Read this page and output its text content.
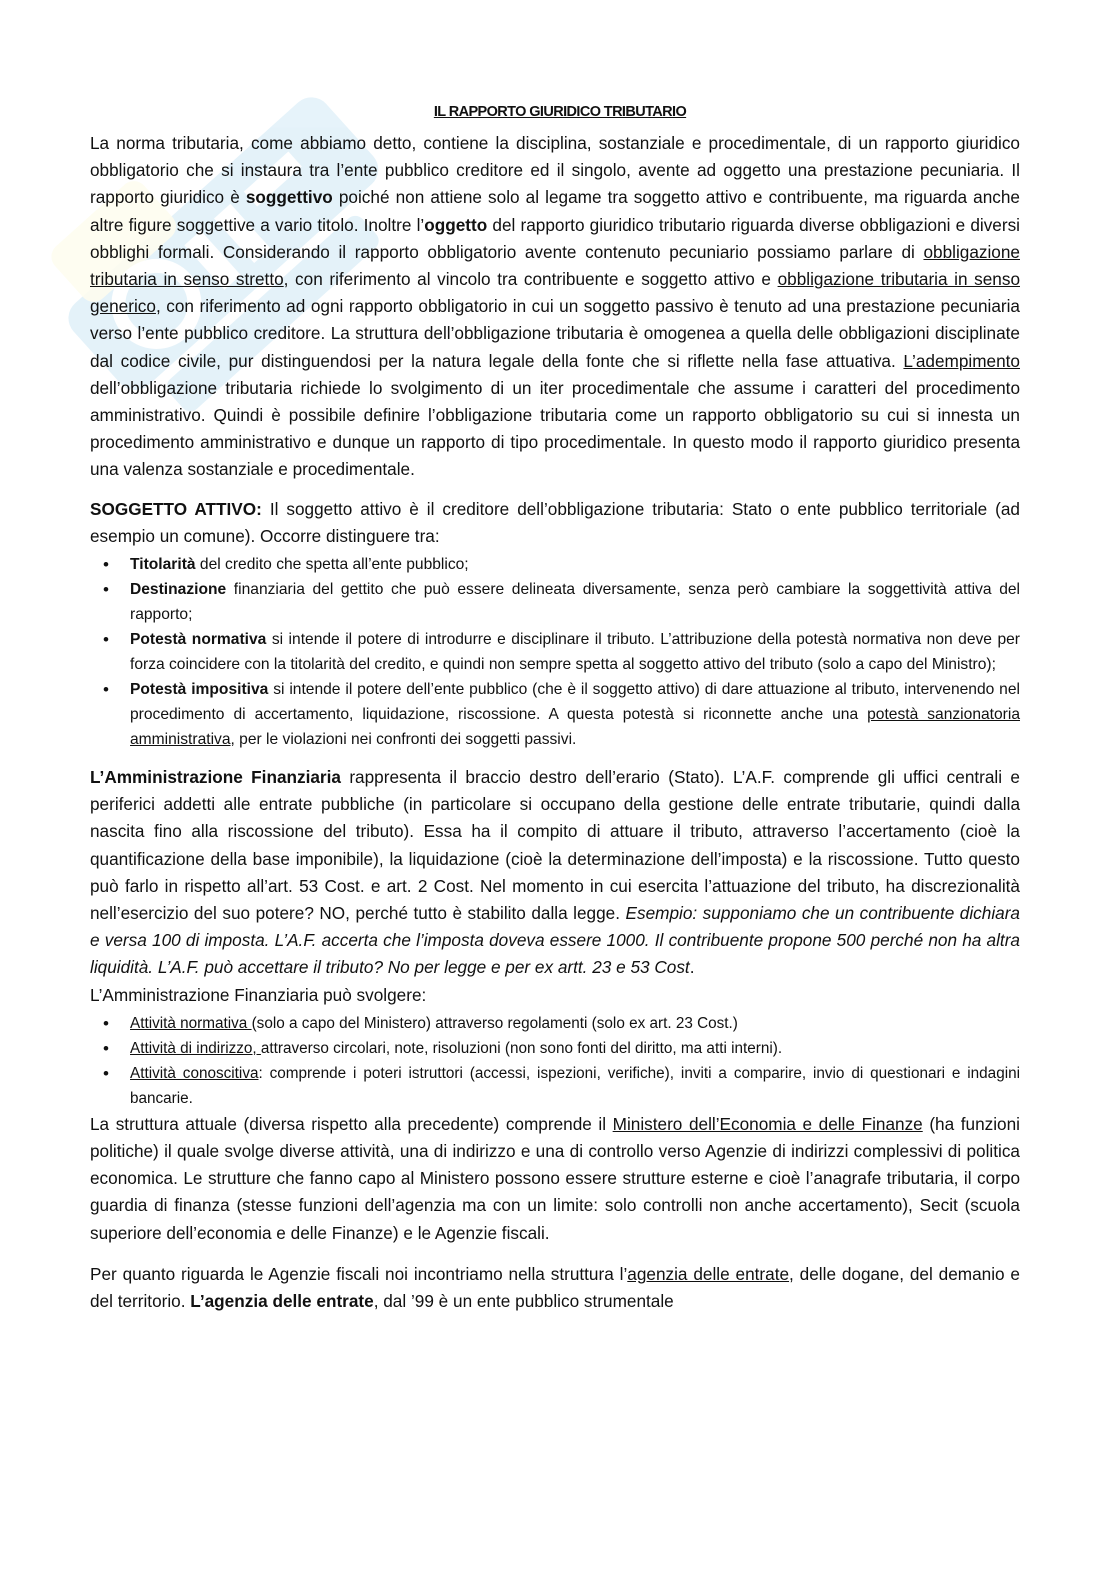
IL RAPPORTO GIURIDICO TRIBUTARIO

La norma tributaria, come abbiamo detto, contiene la disciplina, sostanziale e procedimentale, di un rapporto giuridico obbligatorio che si instaura tra l’ente pubblico creditore ed il singolo, avente ad oggetto una prestazione pecuniaria. Il rapporto giuridico è soggettivo poiché non attiene solo al legame tra soggetto attivo e contribuente, ma riguarda anche altre figure soggettive a vario titolo. Inoltre l’oggetto del rapporto giuridico tributario riguarda diverse obbligazioni e diversi obblighi formali. Considerando il rapporto obbligatorio avente contenuto pecuniario possiamo parlare di obbligazione tributaria in senso stretto, con riferimento al vincolo tra contribuente e soggetto attivo e obbligazione tributaria in senso generico, con riferimento ad ogni rapporto obbligatorio in cui un soggetto passivo è tenuto ad una prestazione pecuniaria verso l’ente pubblico creditore. La struttura dell’obbligazione tributaria è omogenea a quella delle obbligazioni disciplinate dal codice civile, pur distinguendosi per la natura legale della fonte che si riflette nella fase attuativa. L’adempimento dell’obbligazione tributaria richiede lo svolgimento di un iter procedimentale che assume i caratteri del procedimento amministrativo. Quindi è possibile definire l’obbligazione tributaria come un rapporto obbligatorio su cui si innesta un procedimento amministrativo e dunque un rapporto di tipo procedimentale. In questo modo il rapporto giuridico presenta una valenza sostanziale e procedimentale.

SOGGETTO ATTIVO: Il soggetto attivo è il creditore dell’obbligazione tributaria: Stato o ente pubblico territoriale (ad esempio un comune). Occorre distinguere tra:

• Titolarità del credito che spetta all’ente pubblico;
• Destinazione finanziaria del gettito che può essere delineata diversamente, senza però cambiare la soggettività attiva del rapporto;
• Potestà normativa si intende il potere di introdurre e disciplinare il tributo. L’attribuzione della potestà normativa non deve per forza coincidere con la titolarità del credito, e quindi non sempre spetta al soggetto attivo del tributo (solo a capo del Ministro);
• Potestà impositiva si intende il potere dell’ente pubblico (che è il soggetto attivo) di dare attuazione al tributo, intervenendo nel procedimento di accertamento, liquidazione, riscossione. A questa potestà si riconnette anche una potestà sanzionatoria amministrativa, per le violazioni nei confronti dei soggetti passivi.

L’Amministrazione Finanziaria rappresenta il braccio destro dell’erario (Stato). L’A.F. comprende gli uffici centrali e periferici addetti alle entrate pubbliche (in particolare si occupano della gestione delle entrate tributarie, quindi dalla nascita fino alla riscossione del tributo). Essa ha il compito di attuare il tributo, attraverso l’accertamento (cioè la quantificazione della base imponibile), la liquidazione (cioè la determinazione dell’imposta) e la riscossione. Tutto questo può farlo in rispetto all’art. 53 Cost. e art. 2 Cost. Nel momento in cui esercita l’attuazione del tributo, ha discrezionalità nell’esercizio del suo potere? NO, perché tutto è stabilito dalla legge. Esempio: supponiamo che un contribuente dichiara e versa 100 di imposta. L’A.F. accerta che l’imposta doveva essere 1000. Il contribuente propone 500 perché non ha altra liquidità. L’A.F. può accettare il tributo? No per legge e per ex artt. 23 e 53 Cost.

L’Amministrazione Finanziaria può svolgere:

• Attività normativa (solo a capo del Ministero) attraverso regolamenti (solo ex art. 23 Cost.)
• Attività di indirizzo, attraverso circolari, note, risoluzioni (non sono fonti del diritto, ma atti interni).
• Attività conoscitiva: comprende i poteri istruttori (accessi, ispezioni, verifiche), inviti a comparire, invio di questionari e indagini bancarie.

La struttura attuale (diversa rispetto alla precedente) comprende il Ministero dell’Economia e delle Finanze (ha funzioni politiche) il quale svolge diverse attività, una di indirizzo e una di controllo verso Agenzie di indirizzi complessivi di politica economica. Le strutture che fanno capo al Ministero possono essere strutture esterne e cioè l’anagrafe tributaria, il corpo guardia di finanza (stesse funzioni dell’agenzia ma con un limite: solo controlli non anche accertamento), Secit (scuola superiore dell’economia e delle Finanze) e le Agenzie fiscali.

Per quanto riguarda le Agenzie fiscali noi incontriamo nella struttura l’agenzia delle entrate, delle dogane, del demanio e del territorio. L’agenzia delle entrate, dal ’99 è un ente pubblico strumentale
